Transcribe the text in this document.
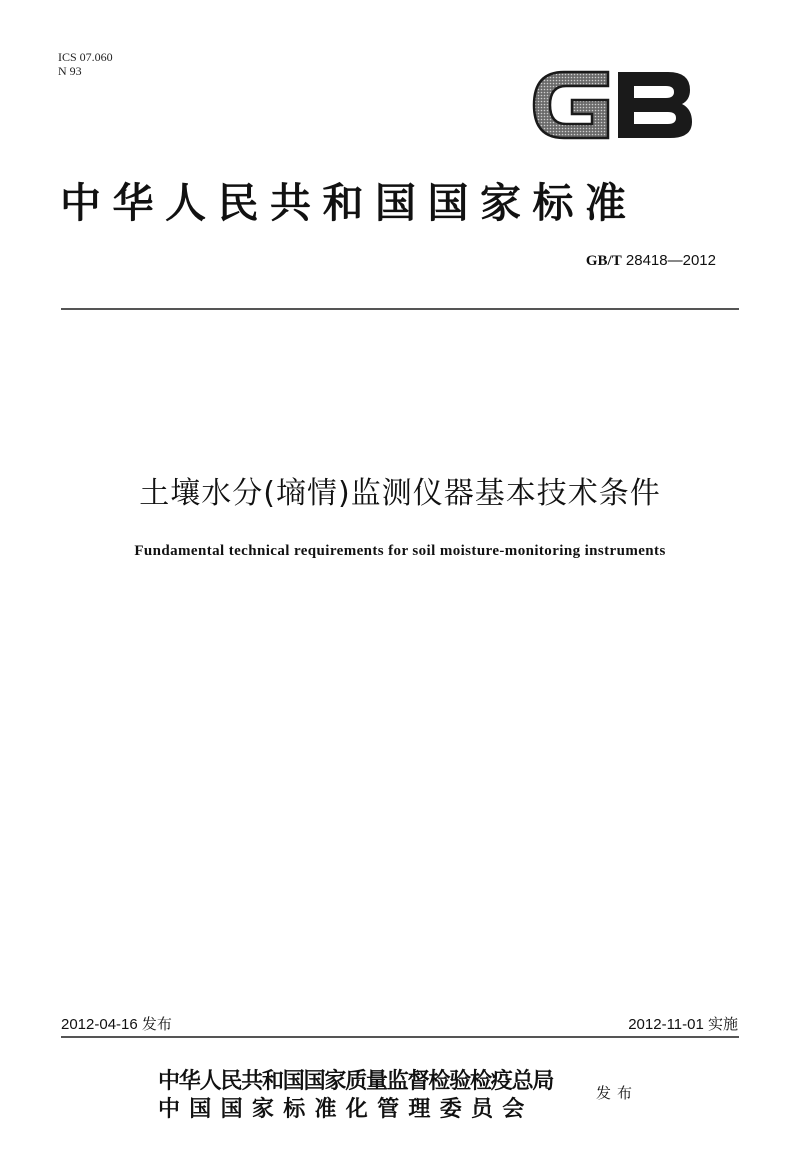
ICS 07.060
N 93
中华人民共和国国家标准
GB/T 28418—2012
土壤水分(墒情)监测仪器基本技术条件
Fundamental technical requirements for soil moisture-monitoring instruments
2012-04-16 发布	2012-11-01 实施
中华人民共和国国家质量监督检验检疫总局
中国国家标准化管理委员会
发布
